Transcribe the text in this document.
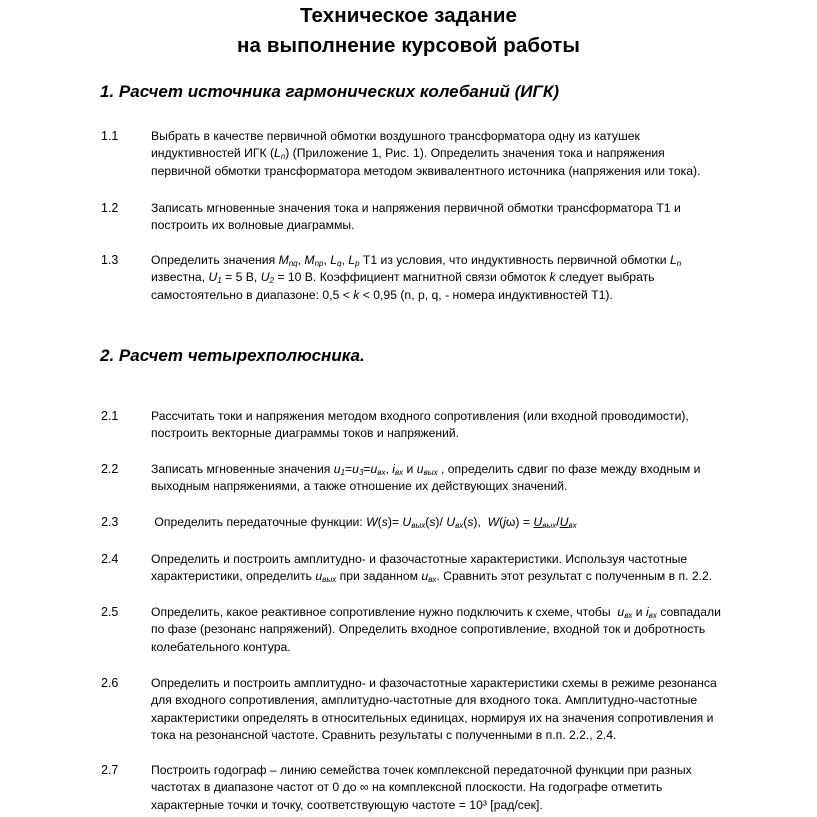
Техническое задание
на выполнение курсовой работы
1. Расчет источника гармонических колебаний (ИГК)
1.1	Выбрать в качестве первичной обмотки воздушного трансформатора одну из катушек
индуктивностей ИГК $(L_n)$ (Приложение 1, Рис. 1). Определить значения тока и напряжения
первичной обмотки трансформатора методом эквивалентного источника (напряжения или тока).
1.2	Записать мгновенные значения тока и напряжения первичной обмотки трансформатора Т1 и
построить их волновые диаграммы.
1.3	Определить значения $M_{nq}$, $M_{np}$, $L_q$, $L_p$ Т1 из условия, что индуктивность первичной обмотки $L_n$
известна, $U_1 = 5$ В, $U_2 = 10$ В. Коэффициент магнитной связи обмоток k следует выбрать
самостоятельно в диапазоне: 0,5 < k < 0,95 (n, p, q, - номера индуктивностей Т1).
2. Расчет четырехполюсника.
2.1	Рассчитать токи и напряжения методом входного сопротивления (или входной проводимости),
построить векторные диаграммы токов и напряжений.
2.2	Записать мгновенные значения $u_1=u_3=u_{вх}$, $i_{вх}$ и $u_{вых}$ , определить сдвиг по фазе между входным и
выходным напряжениями, а также отношение их действующих значений.
2.3	Определить передаточные функции: $W(s)= U_{вых}(s)/$ $U_{вх}(s)$,  $W(j\omega) = U_{вых}/U_{вх}$
2.4	Определить и построить амплитудно- и фазочастотные характеристики. Используя частотные
характеристики, определить $u_{вых}$ при заданном $u_{вх}$. Сравнить этот результат с полученным в п. 2.2.
2.5	Определить, какое реактивное сопротивление нужно подключить к схеме, чтобы  $u_{вх}$ и $i_{вх}$ совпадали
по фазе (резонанс напряжений). Определить входное сопротивление, входной ток и добротность
колебательного контура.
2.6	Определить и построить амплитудно- и фазочастотные характеристики схемы в режиме резонанса
для входного сопротивления, амплитудно-частотные для входного тока. Амплитудно-частотные
характеристики определять в относительных единицах, нормируя их на значения сопротивления и
тока на резонансной частоте. Сравнить результаты с полученными в п.п. 2.2., 2.4.
2.7	Построить годограф – линию семейства точек комплексной передаточной функции при разных
частотах в диапазоне частот от 0 до ∞ на комплексной плоскости. На годографе отметить
характерные точки и точку, соответствующую частоте = 10³ [рад/сек].
